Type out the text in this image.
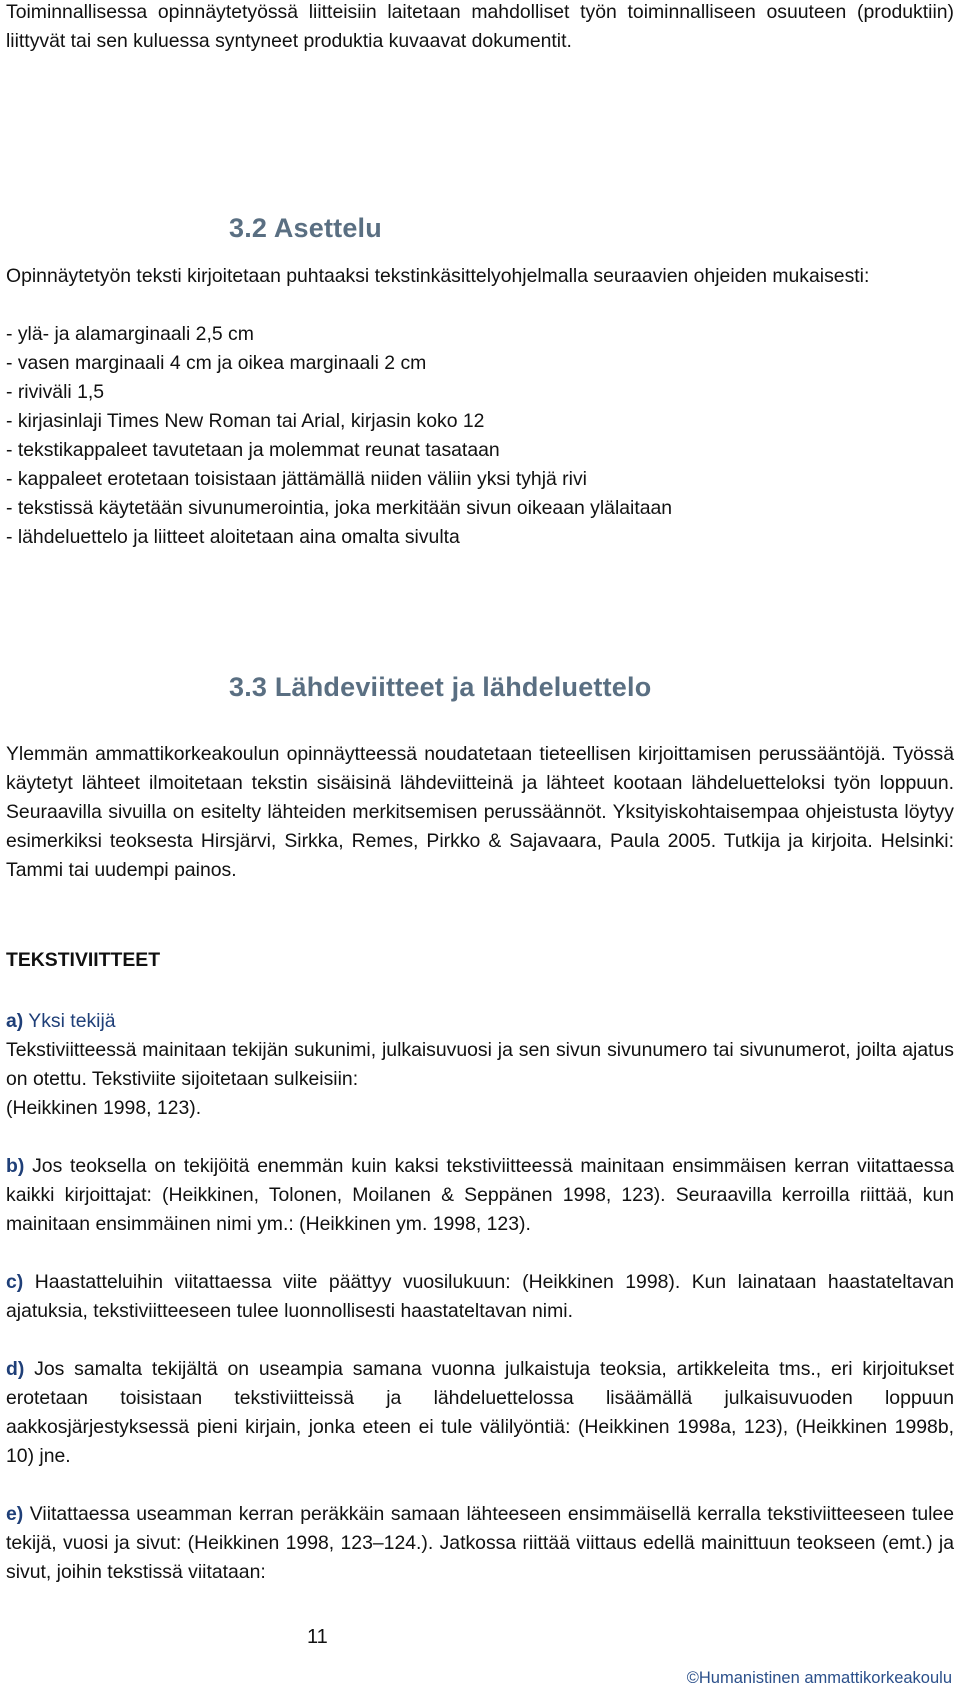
Toiminnallisessa opinnäytetyössä liitteisiin laitetaan mahdolliset työn toiminnalliseen osuuteen (produktiin) liittyvät tai sen kuluessa syntyneet produktia kuvaavat dokumentit.

3.2 Asettelu

Opinnäytetyön teksti kirjoitetaan puhtaaksi tekstinkäsittelyohjelmalla seuraavien ohjeiden mukaisesti:

- ylä- ja alamarginaali 2,5 cm
- vasen marginaali 4 cm ja oikea marginaali 2 cm
- riviväli 1,5
- kirjasinlaji Times New Roman tai Arial, kirjasin koko 12
- tekstikappaleet tavutetaan ja molemmat reunat tasataan
- kappaleet erotetaan toisistaan jättämällä niiden väliin yksi tyhjä rivi
- tekstissä käytetään sivunumerointia, joka merkitään sivun oikeaan ylälaitaan
- lähdeluettelo ja liitteet aloitetaan aina omalta sivulta
3.3 Lähdeviitteet ja lähdeluettelo

Ylemmän ammattikorkeakoulun opinnäytteessä noudatetaan tieteellisen kirjoittamisen perussääntöjä. Työssä käytetyt lähteet ilmoitetaan tekstin sisäisinä lähdeviitteinä ja lähteet kootaan lähdeluetteloksi työn loppuun. Seuraavilla sivuilla on esitelty lähteiden merkitsemisen perussäännöt. Yksityiskohtaisempaa ohjeistusta löytyy esimerkiksi teoksesta Hirsjärvi, Sirkka, Remes, Pirkko & Sajavaara, Paula 2005. Tutkija ja kirjoita. Helsinki: Tammi tai uudempi painos.

TEKSTIVIITTEET

a) Yksi tekijä

Tekstiviitteessä mainitaan tekijän sukunimi, julkaisuvuosi ja sen sivun sivunumero tai sivunumerot, joilta ajatus on otettu. Tekstiviite sijoitetaan sulkeisiin:

(Heikkinen 1998, 123).

b) Jos teoksella on tekijöitä enemmän kuin kaksi tekstiviitteessä mainitaan ensimmäisen kerran viitattaessa kaikki kirjoittajat: (Heikkinen, Tolonen, Moilanen & Seppänen 1998, 123). Seuraavilla kerroilla riittää, kun mainitaan ensimmäinen nimi ym.: (Heikkinen ym. 1998, 123).

c) Haastatteluihin viitattaessa viite päättyy vuosilukuun: (Heikkinen 1998). Kun lainataan haastateltavan ajatuksia, tekstiviitteeseen tulee luonnollisesti haastateltavan nimi.

d) Jos samalta tekijältä on useampia samana vuonna julkaistuja teoksia, artikkeleita tms., eri kirjoitukset erotetaan toisistaan tekstiviitteissä ja lähdeluettelossa lisäämällä julkaisuvuoden loppuun aakkosjärjestyksessä pieni kirjain, jonka eteen ei tule välilyöntiä: (Heikkinen 1998a, 123), (Heikkinen 1998b, 10) jne.

e) Viitattaessa useamman kerran peräkkäin samaan lähteeseen ensimmäisellä kerralla tekstiviitteeseen tulee tekijä, vuosi ja sivut: (Heikkinen 1998, 123–124.). Jatkossa riittää viittaus edellä mainittuun teokseen (emt.) ja sivut, joihin tekstissä viitataan:

11

©Humanistinen ammattikorkeakoulu
